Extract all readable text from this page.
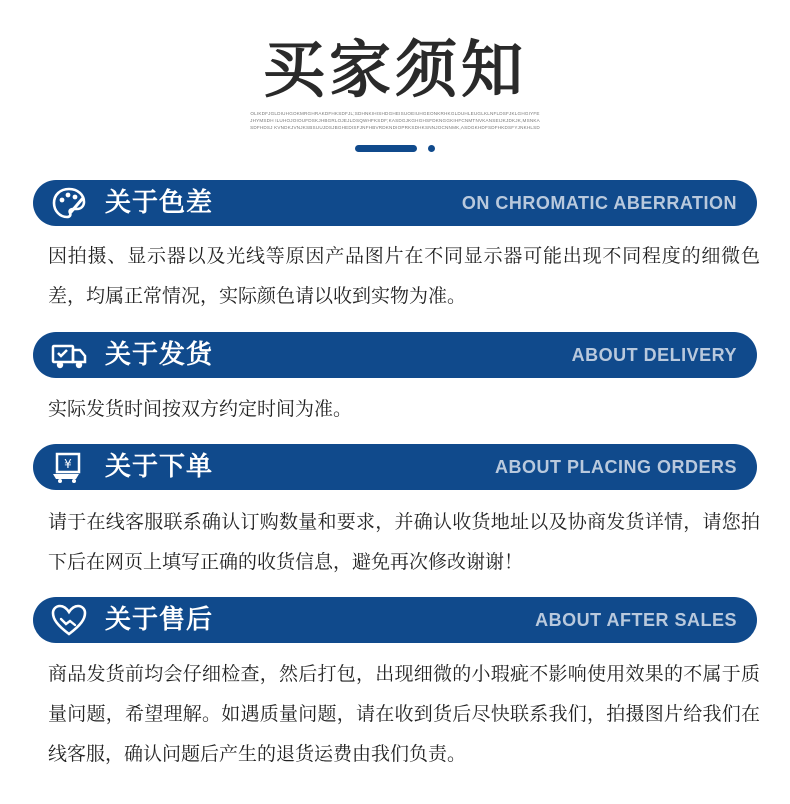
买家须知
OLIKDFJGLDIUHGOKMRGHRAKDFHKSDFJL;SDHNKIHISHDGHEISUOEIUHGEONKRHKGLDUHLEUGLKLNFLDSFJKLGHGIYFEJHYMSDH ILUHOJOIOUFDSKJHBGRLOJEJLDSQWHFKSDF;KASDGJKGHGHSFDKNGGKIHFCNMTNVKANSEIJKJDKJK,MSNKASDFHDSJ KVNDKJVNJKSBSUUJDSJBGHEDISFJNFHBVRDKNDIOPRKSDHKSNNJOCNNMK,ASDGKHDFSDFHKDSFYJNKHLSD
关于色差	ON CHROMATIC ABERRATION
因拍摄、显示器以及光线等原因产品图片在不同显示器可能出现不同程度的细微色差，均属正常情况，实际颜色请以收到实物为准。
关于发货	ABOUT DELIVERY
实际发货时间按双方约定时间为准。
¥ 关于下单	ABOUT PLACING ORDERS
请于在线客服联系确认订购数量和要求，并确认收货地址以及协商发货详情，请您拍下后在网页上填写正确的收货信息，避免再次修改谢谢！
关于售后	ABOUT AFTER SALES
商品发货前均会仔细检查，然后打包，出现细微的小瑕疵不影响使用效果的不属于质量问题，希望理解。如遇质量问题，请在收到货后尽快联系我们，拍摄图片给我们在线客服，确认问题后产生的退货运费由我们负责。
